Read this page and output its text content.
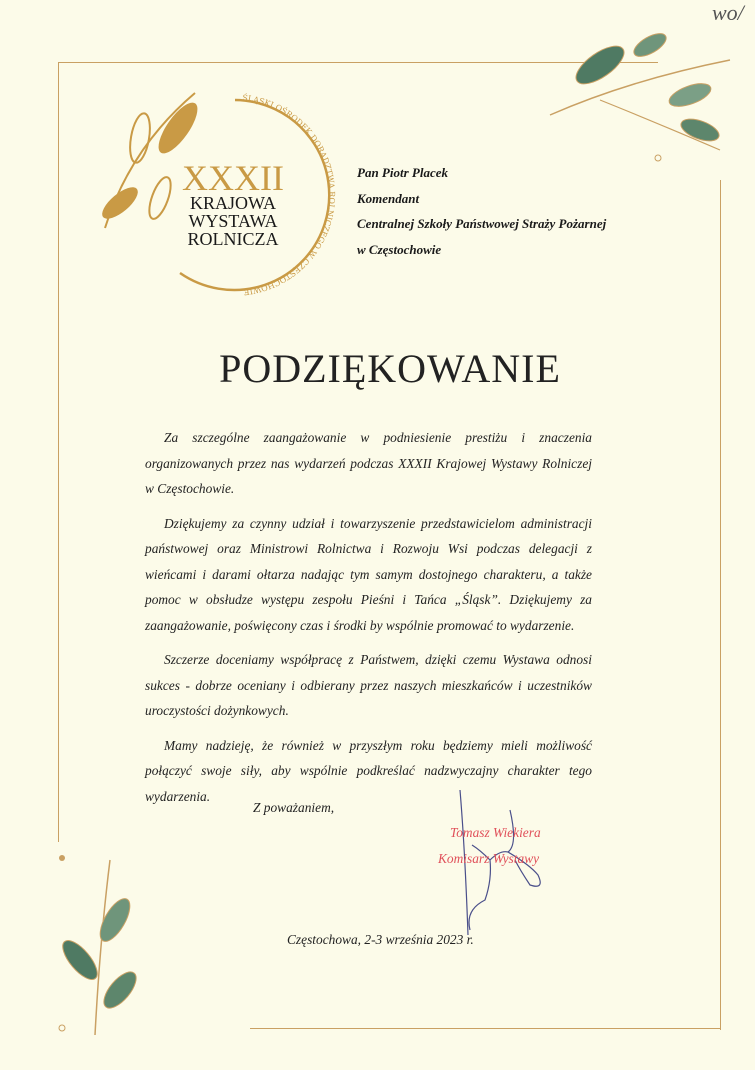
wo/
ŚLĄSKI OŚRODEK DORADZTWA ROLNICZEGO W CZĘSTOCHOWIE
XXXII
KRAJOWA
WYSTAWA
ROLNICZA
Pan Piotr Placek
Komendant
Centralnej Szkoły Państwowej Straży Pożarnej
w Częstochowie
PODZIĘKOWANIE

Za szczególne zaangażowanie w podniesienie prestiżu i znaczenia organizowanych przez nas wydarzeń podczas XXXII Krajowej Wystawy Rolniczej w Częstochowie.

Dziękujemy za czynny udział i towarzyszenie przedstawicielom administracji państwowej oraz Ministrowi Rolnictwa i Rozwoju Wsi podczas delegacji z wieńcami i darami ołtarza nadając tym samym dostojnego charakteru, a także pomoc w obsłudze występu zespołu Pieśni i Tańca „Śląsk”. Dziękujemy za zaangażowanie, poświęcony czas i środki by wspólnie promować to wydarzenie.

Szczerze doceniamy współpracę z Państwem, dzięki czemu Wystawa odnosi sukces - dobrze oceniany i odbierany przez naszych mieszkańców i uczestników uroczystości dożynkowych.

Mamy nadzieję, że również w przyszłym roku będziemy mieli możliwość połączyć swoje siły, aby wspólnie podkreślać nadzwyczajny charakter tego wydarzenia.

Z poważaniem,
Tomasz Wiekiera
Komisarz Wystawy
Częstochowa, 2-3 września 2023 r.
